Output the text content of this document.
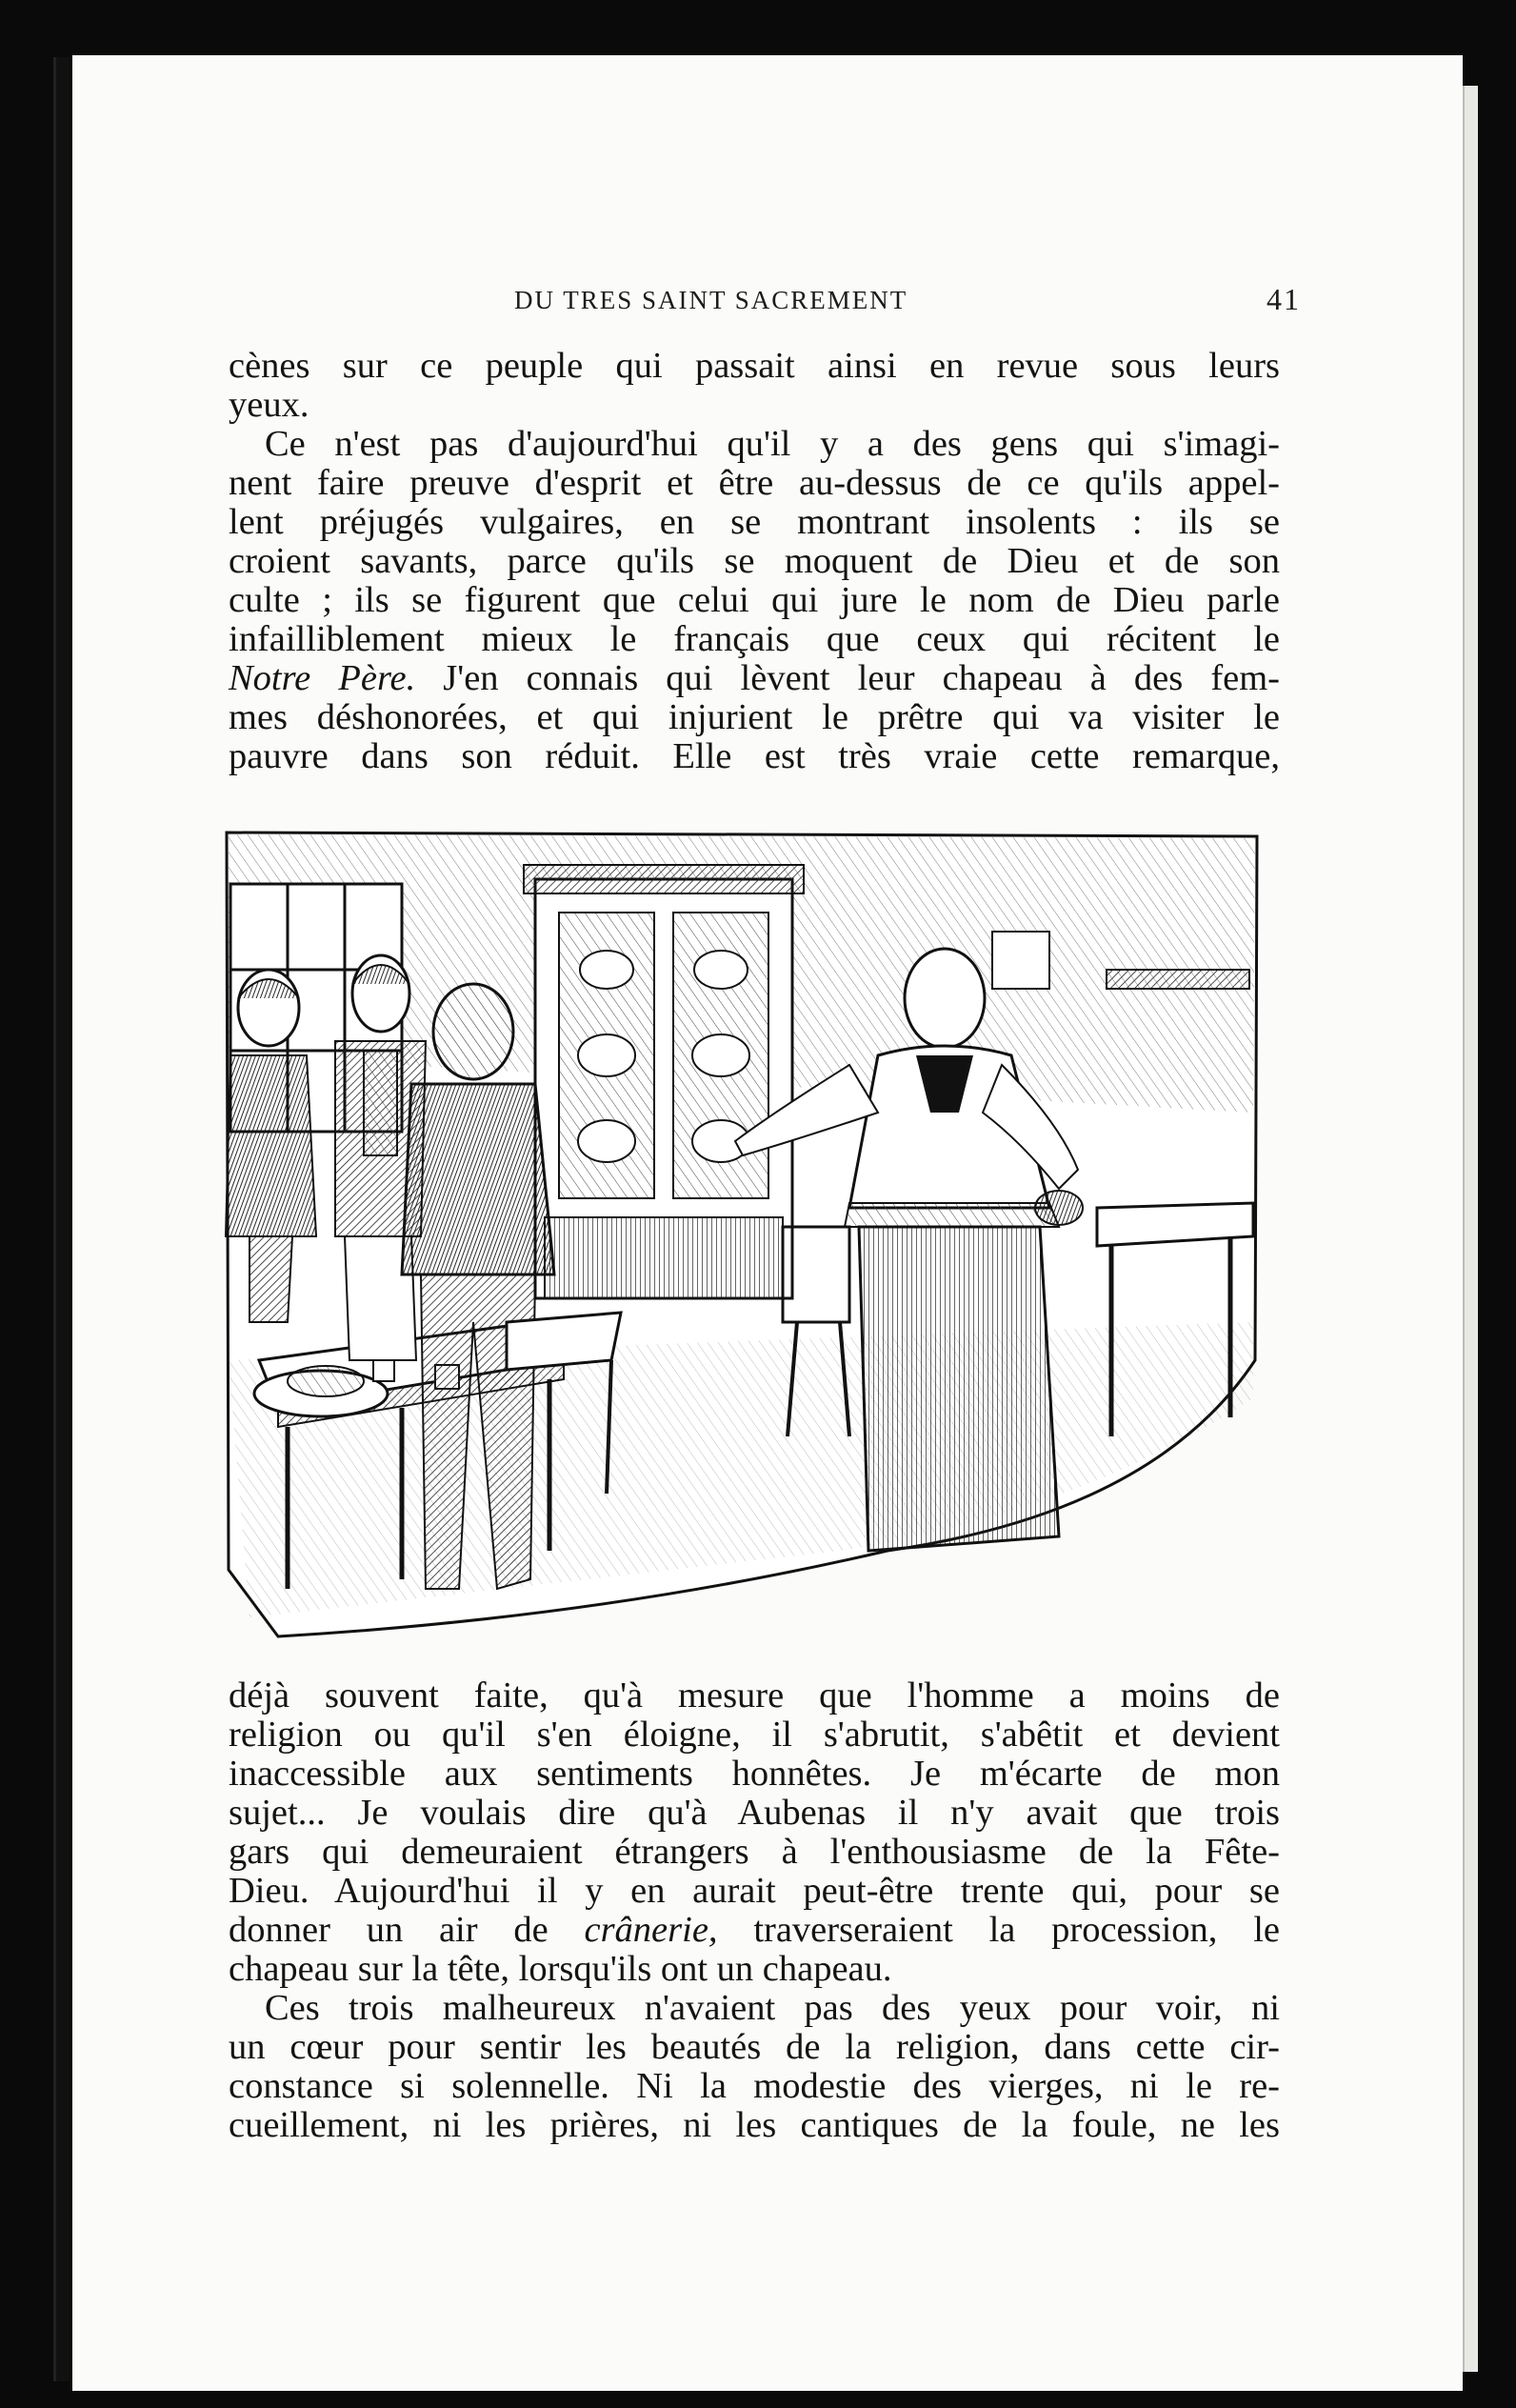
DU TRES SAINT SACREMENT	41
cènes sur ce peuple qui passait ainsi en revue sous leurs
yeux.
Ce n'est pas d'aujourd'hui qu'il y a des gens qui s'imagi-
nent faire preuve d'esprit et être au-dessus de ce qu'ils appel-
lent préjugés vulgaires, en se montrant insolents : ils se
croient savants, parce qu'ils se moquent de Dieu et de son
culte ; ils se figurent que celui qui jure le nom de Dieu parle
infailliblement mieux le français que ceux qui récitent le
Notre Père. J'en connais qui lèvent leur chapeau à des fem-
mes déshonorées, et qui injurient le prêtre qui va visiter le
pauvre dans son réduit. Elle est très vraie cette remarque,
déjà souvent faite, qu'à mesure que l'homme a moins de
religion ou qu'il s'en éloigne, il s'abrutit, s'abêtit et devient
inaccessible aux sentiments honnêtes. Je m'écarte de mon
sujet... Je voulais dire qu'à Aubenas il n'y avait que trois
gars qui demeuraient étrangers à l'enthousiasme de la Fête-
Dieu. Aujourd'hui il y en aurait peut-être trente qui, pour se
donner un air de crânerie, traverseraient la procession, le
chapeau sur la tête, lorsqu'ils ont un chapeau.
Ces trois malheureux n'avaient pas des yeux pour voir, ni
un cœur pour sentir les beautés de la religion, dans cette cir-
constance si solennelle. Ni la modestie des vierges, ni le re-
cueillement, ni les prières, ni les cantiques de la foule, ne les
